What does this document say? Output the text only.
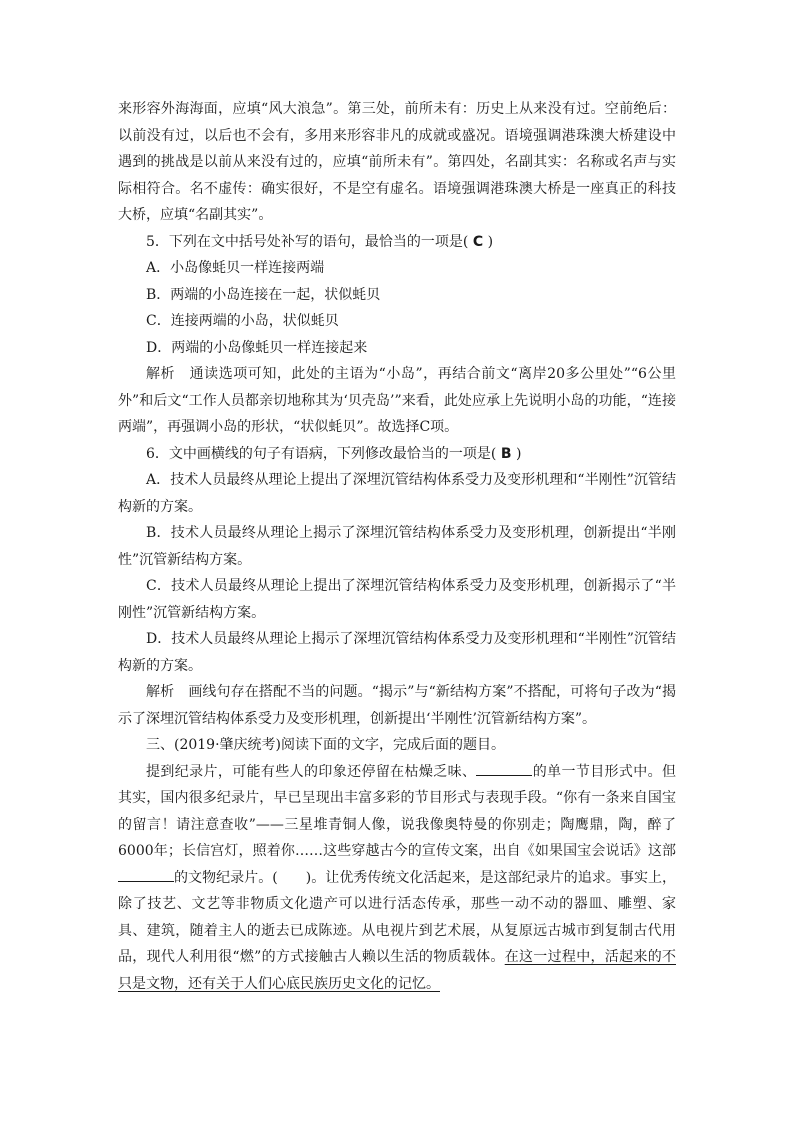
来形容外海海面，应填“风大浪急”。第三处，前所未有：历史上从来没有过。空前绝后：以前没有过，以后也不会有，多用来形容非凡的成就或盛况。语境强调港珠澳大桥建设中遇到的挑战是以前从来没有过的，应填“前所未有”。第四处，名副其实：名称或名声与实际相符合。名不虚传：确实很好，不是空有虚名。语境强调港珠澳大桥是一座真正的科技大桥，应填“名副其实”。

5．下列在文中括号处补写的语句，最恰当的一项是( C )

A．小岛像蚝贝一样连接两端

B．两端的小岛连接在一起，状似蚝贝

C．连接两端的小岛，状似蚝贝

D．两端的小岛像蚝贝一样连接起来

解析　 通读选项可知，此处的主语为“小岛”，再结合前文“离岸20多公里处”“6公里外”和后文“工作人员都亲切地称其为‘贝壳岛’”来看，此处应承上先说明小岛的功能，“连接两端”，再强调小岛的形状，“状似蚝贝”。故选择C项。

6．文中画横线的句子有语病，下列修改最恰当的一项是( B )

A．技术人员最终从理论上提出了深埋沉管结构体系受力及变形机理和“半刚性”沉管结构新的方案。

B．技术人员最终从理论上揭示了深埋沉管结构体系受力及变形机理，创新提出“半刚性”沉管新结构方案。

C．技术人员最终从理论上提出了深埋沉管结构体系受力及变形机理，创新揭示了“半刚性”沉管新结构方案。

D．技术人员最终从理论上揭示了深埋沉管结构体系受力及变形机理和“半刚性”沉管结构新的方案。

解析　 画线句存在搭配不当的问题。“揭示”与“新结构方案”不搭配，可将句子改为“揭示了深埋沉管结构体系受力及变形机理，创新提出‘半刚性’沉管新结构方案”。

三、(2019·肇庆统考)阅读下面的文字，完成后面的题目。

提到纪录片，可能有些人的印象还停留在枯燥乏味、	的单一节目形式中。但其实，国内很多纪录片，早已呈现出丰富多彩的节目形式与表现手段。“你有一条来自国宝的留言！请注意查收”——三星堆青铜人像，说我像奥特曼的你别走；陶鹰鼎，陶，醉了6000年；长信宫灯，照着你……这些穿越古今的宣传文案，出自《如果国宝会说话》这部的文物纪录片。(　　)。让优秀传统文化活起来，是这部纪录片的追求。事实上，除了技艺、文艺等非物质文化遗产可以进行活态传承，那些一动不动的器皿、雕塑、家具、建筑，随着主人的逝去已成陈迹。从电视片到艺术展，从复原远古城市到复制古代用品，现代人利用很“燃”的方式接触古人赖以生活的物质载体。在这一过程中，活起来的不只是文物，还有关于人们心底民族历史文化的记忆。
